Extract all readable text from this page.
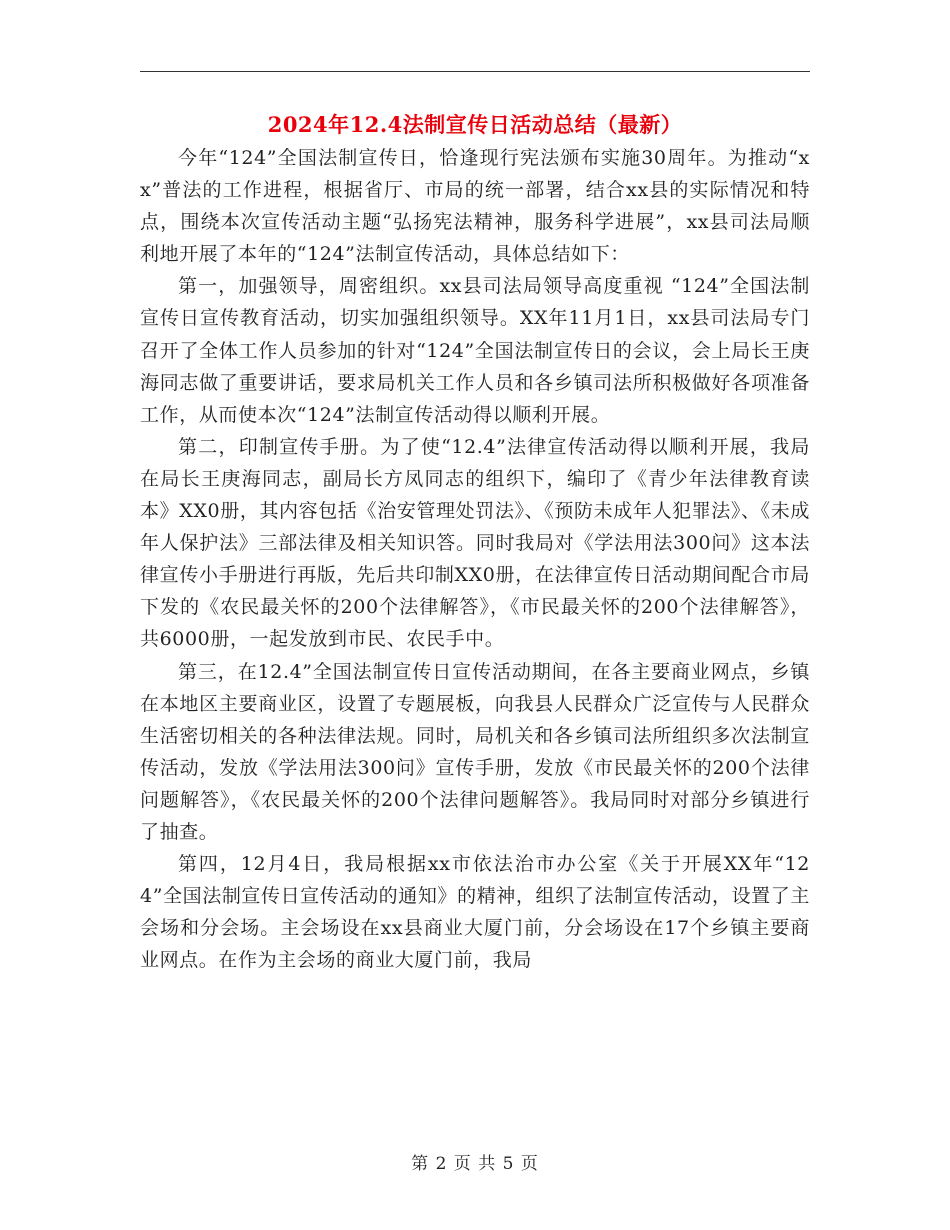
2024年12.4法制宣传日活动总结（最新）

今年“124”全国法制宣传日，恰逢现行宪法颁布实施30周年。为推动“xx”普法的工作进程，根据省厅、市局的统一部署，结合xx县的实际情况和特点，围绕本次宣传活动主题“弘扬宪法精神，服务科学进展”，xx县司法局顺利地开展了本年的“124”法制宣传活动，具体总结如下：

第一，加强领导，周密组织。xx县司法局领导高度重视 “124”全国法制宣传日宣传教育活动，切实加强组织领导。XX年11月1日，xx县司法局专门召开了全体工作人员参加的针对“124”全国法制宣传日的会议，会上局长王庚海同志做了重要讲话，要求局机关工作人员和各乡镇司法所积极做好各项准备工作，从而使本次“124”法制宣传活动得以顺利开展。

第二，印制宣传手册。为了使“12.4”法律宣传活动得以顺利开展，我局在局长王庚海同志，副局长方凤同志的组织下，编印了《青少年法律教育读本》XX0册，其内容包括《治安管理处罚法》、《预防未成年人犯罪法》、《未成年人保护法》三部法律及相关知识答。同时我局对《学法用法300问》这本法律宣传小手册进行再版，先后共印制XX0册，在法律宣传日活动期间配合市局下发的《农民最关怀的200个法律解答》，《市民最关怀的200个法律解答》，共6000册，一起发放到市民、农民手中。

第三，在12.4”全国法制宣传日宣传活动期间，在各主要商业网点，乡镇在本地区主要商业区，设置了专题展板，向我县人民群众广泛宣传与人民群众生活密切相关的各种法律法规。同时，局机关和各乡镇司法所组织多次法制宣传活动，发放《学法用法300问》宣传手册，发放《市民最关怀的200个法律问题解答》，《农民最关怀的200个法律问题解答》。我局同时对部分乡镇进行了抽查。

第四，12月4日，我局根据xx市依法治市办公室《关于开展XX年“124”全国法制宣传日宣传活动的通知》的精神，组织了法制宣传活动，设置了主会场和分会场。主会场设在xx县商业大厦门前，分会场设在17个乡镇主要商业网点。在作为主会场的商业大厦门前，我局

第 2 页 共 5 页
